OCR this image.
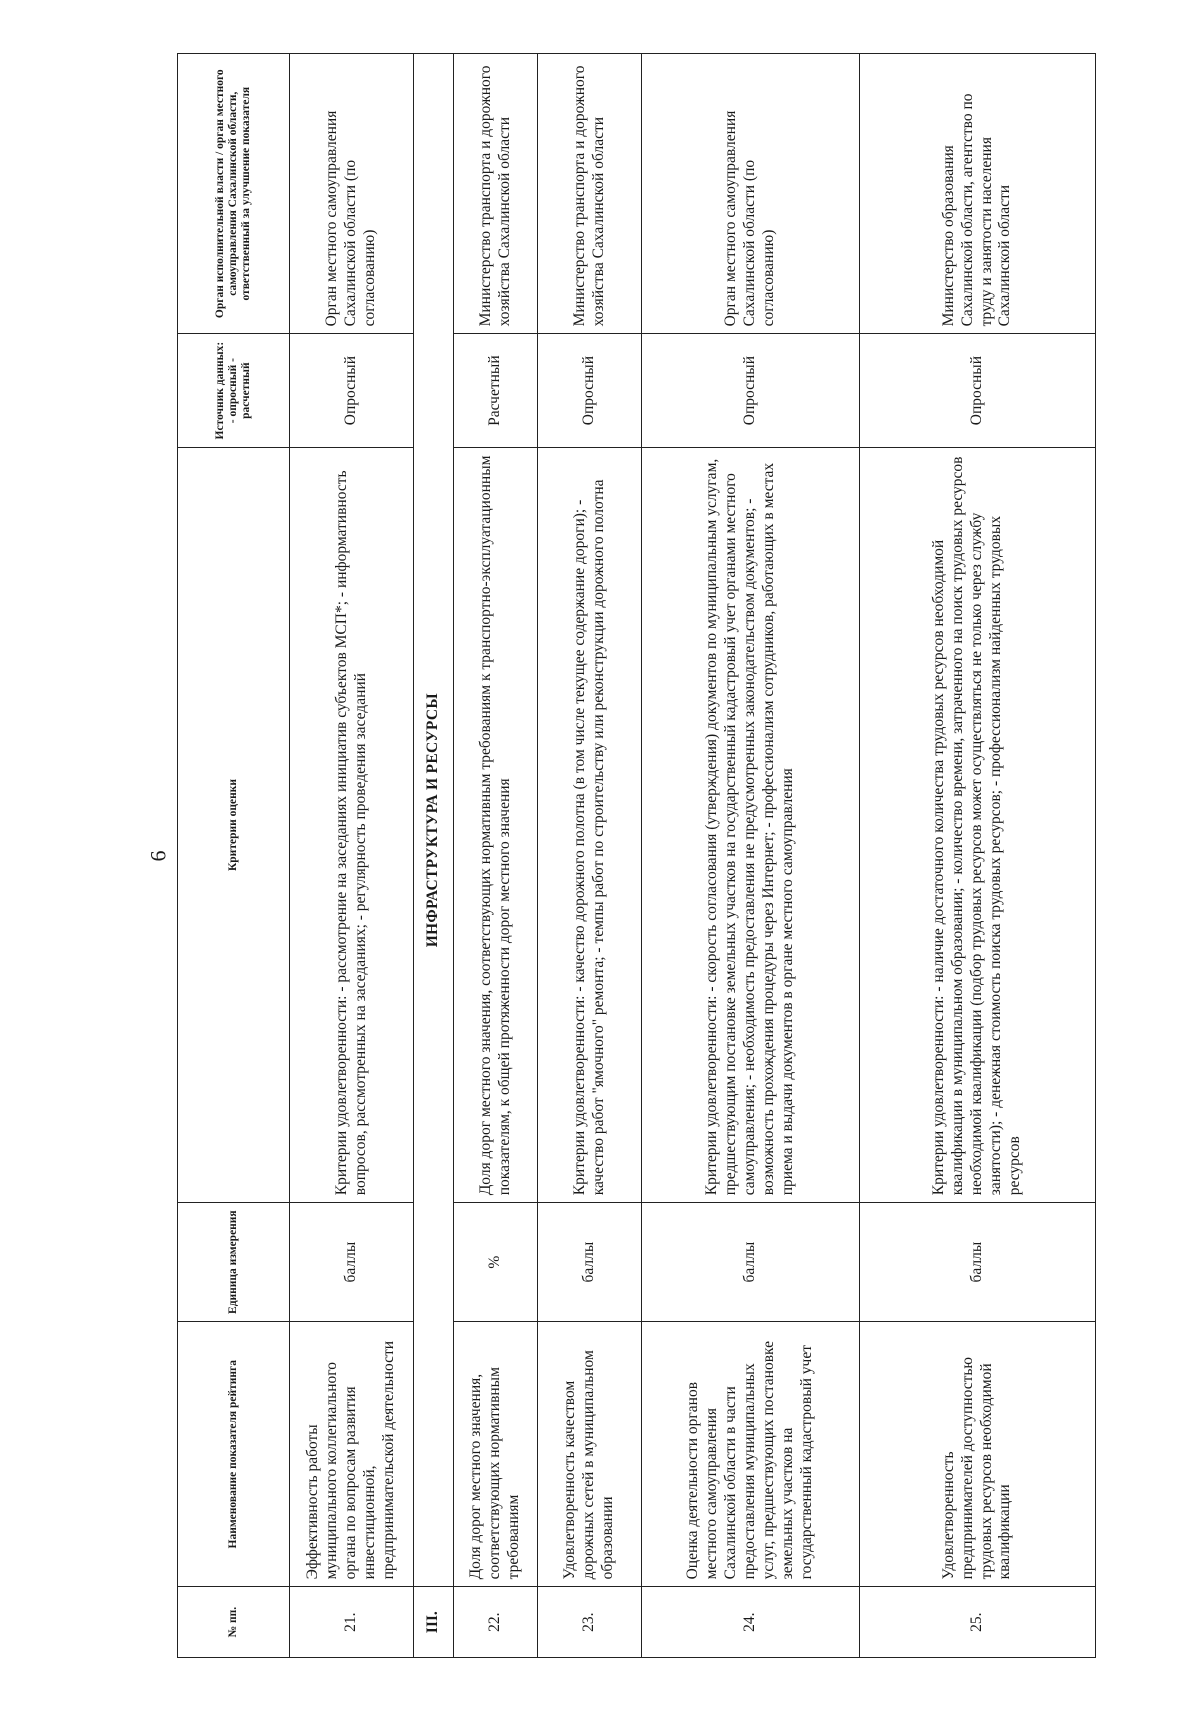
6
№ пп.	Наименование показателя рейтинга	Единица измерения	Критерии оценки	Источник данных: - опросный - расчетный	Орган исполнительной власти / орган местного самоуправления Сахалинской области, ответственный за улучшение показателя
21.	Эффективность работы муниципального коллегиального органа по вопросам развития инвестиционной, предпринимательской деятельности	баллы	Критерии удовлетворенности: - рассмотрение на заседаниях инициатив субъектов МСП*; - информативность вопросов, рассмотренных на заседаниях; - регулярность проведения заседаний	Опросный	Орган местного самоуправления Сахалинской области (по согласованию)
III.	ИНФРАСТРУКТУРА И РЕСУРСЫ				
22.	Доля дорог местного значения, соответствующих нормативным требованиям	%	Доля дорог местного значения, соответствующих нормативным требованиям к транспортно-эксплуатационным показателям, к общей протяженности дорог местного значения	Расчетный	Министерство транспорта и дорожного хозяйства Сахалинской области
23.	Удовлетворенность качеством дорожных сетей в муниципальном образовании	баллы	Критерии удовлетворенности: - качество дорожного полотна (в том числе текущее содержание дороги); - качество работ "ямочного" ремонта; - темпы работ по строительству или реконструкции дорожного полотна	Опросный	Министерство транспорта и дорожного хозяйства Сахалинской области
24.	Оценка деятельности органов местного самоуправления Сахалинской области в части предоставления муниципальных услуг, предшествующих постановке земельных участков на государственный кадастровый учет	баллы	Критерии удовлетворенности: - скорость согласования (утверждения) документов по муниципальным услугам, предшествующим постановке земельных участков на государственный кадастровый учет органами местного самоуправления; - необходимость предоставления не предусмотренных законодательством документов; - возможность прохождения процедуры через Интернет; - профессионализм сотрудников, работающих в местах приема и выдачи документов в органе местного самоуправления	Опросный	Орган местного самоуправления Сахалинской области (по согласованию)
25.	Удовлетворенность предпринимателей доступностью трудовых ресурсов необходимой квалификации	баллы	Критерии удовлетворенности: - наличие достаточного количества трудовых ресурсов необходимой квалификации в муниципальном образовании; - количество времени, затраченного на поиск трудовых ресурсов необходимой квалификации (подбор трудовых ресурсов может осуществляться не только через службу занятости); - денежная стоимость поиска трудовых ресурсов; - профессионализм найденных трудовых ресурсов	Опросный	Министерство образования Сахалинской области, агентство по труду и занятости населения Сахалинской области
